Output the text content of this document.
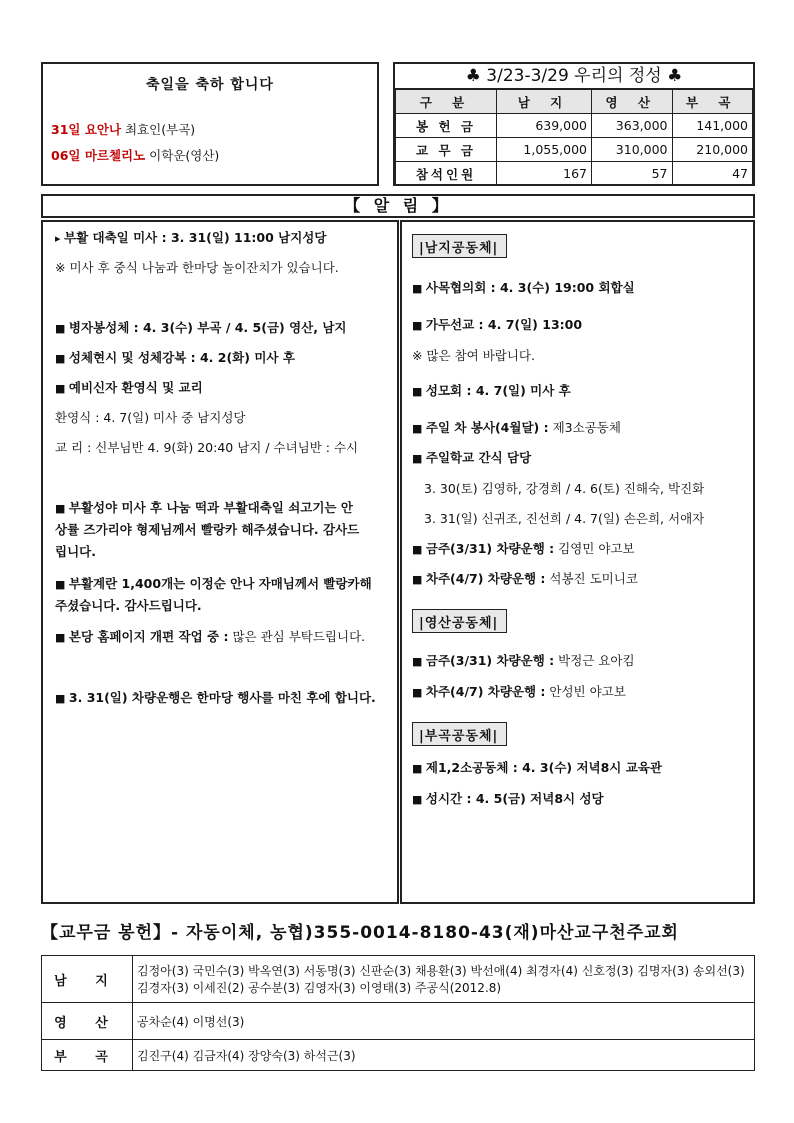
축일을 축하 합니다
31일 요안나 최효인(부곡)
06일 마르첼리노 이학운(영산)
♣ 3/23-3/29 우리의 정성 ♣
구 분	남 지	영 산	부 곡
봉 헌 금	639,000	363,000	141,000
교 무 금	1,055,000	310,000	210,000
참석인원	167	57	47
【 알 림 】
▸ 부활 대축일 미사 : 3. 31(일) 11:00 남지성당
※ 미사 후 중식 나눔과 한마당 놀이잔치가 있습니다.
■ 병자봉성체 : 4. 3(수) 부곡 / 4. 5(금) 영산, 남지
■ 성체현시 및 성체강복 : 4. 2(화) 미사 후
■ 예비신자 환영식 및 교리
환영식 : 4. 7(일) 미사 중 남지성당
교 리 : 신부님반 4. 9(화) 20:40 남지 / 수녀님반 : 수시
■ 부활성야 미사 후 나눔 떡과 부활대축일 쇠고기는 안
상률 즈가리야 형제님께서 빨랑카 해주셨습니다. 감사드
립니다.
■ 부활계란 1,400개는 이정순 안나 자매님께서 빨랑카해
주셨습니다. 감사드립니다.
■ 본당 홈페이지 개편 작업 중 : 많은 관심 부탁드립니다.
■ 3. 31(일) 차량운행은 한마당 행사를 마친 후에 합니다.
|남지공동체|
■ 사목협의회 : 4. 3(수) 19:00 회합실
■ 가두선교 : 4. 7(일) 13:00
※ 많은 참여 바랍니다.
■ 성모회 : 4. 7(일) 미사 후
■ 주일 차 봉사(4월달) : 제3소공동체
■ 주일학교 간식 담당
3. 30(토) 김영하, 강경희 / 4. 6(토) 진해숙, 박진화
3. 31(일) 신귀조, 진선희 / 4. 7(일) 손은희, 서애자
■ 금주(3/31) 차량운행 : 김영민 야고보
■ 차주(4/7) 차량운행 : 석봉진 도미니코
|영산공동체|
■ 금주(3/31) 차량운행 : 박정근 요아킴
■ 차주(4/7) 차량운행 : 안성빈 야고보
|부곡공동체|
■ 제1,2소공동체 : 4. 3(수) 저녁8시 교육관
■ 성시간 : 4. 5(금) 저녁8시 성당
【교무금 봉헌】- 자동이체, 농협)355-0014-8180-43(재)마산교구천주교회
남 지	김정아(3) 국민수(3) 박옥연(3) 서동명(3) 신판순(3) 채용환(3) 박선애(4) 최경자(4) 신호정(3) 김명자(3) 송외선(3) 김경자(3) 이세진(2) 공수분(3) 김영자(3) 이영태(3) 주공식(2012.8)
영 산	공차순(4) 이명선(3)
부 곡	김진구(4) 김금자(4) 장양숙(3) 하석근(3)
